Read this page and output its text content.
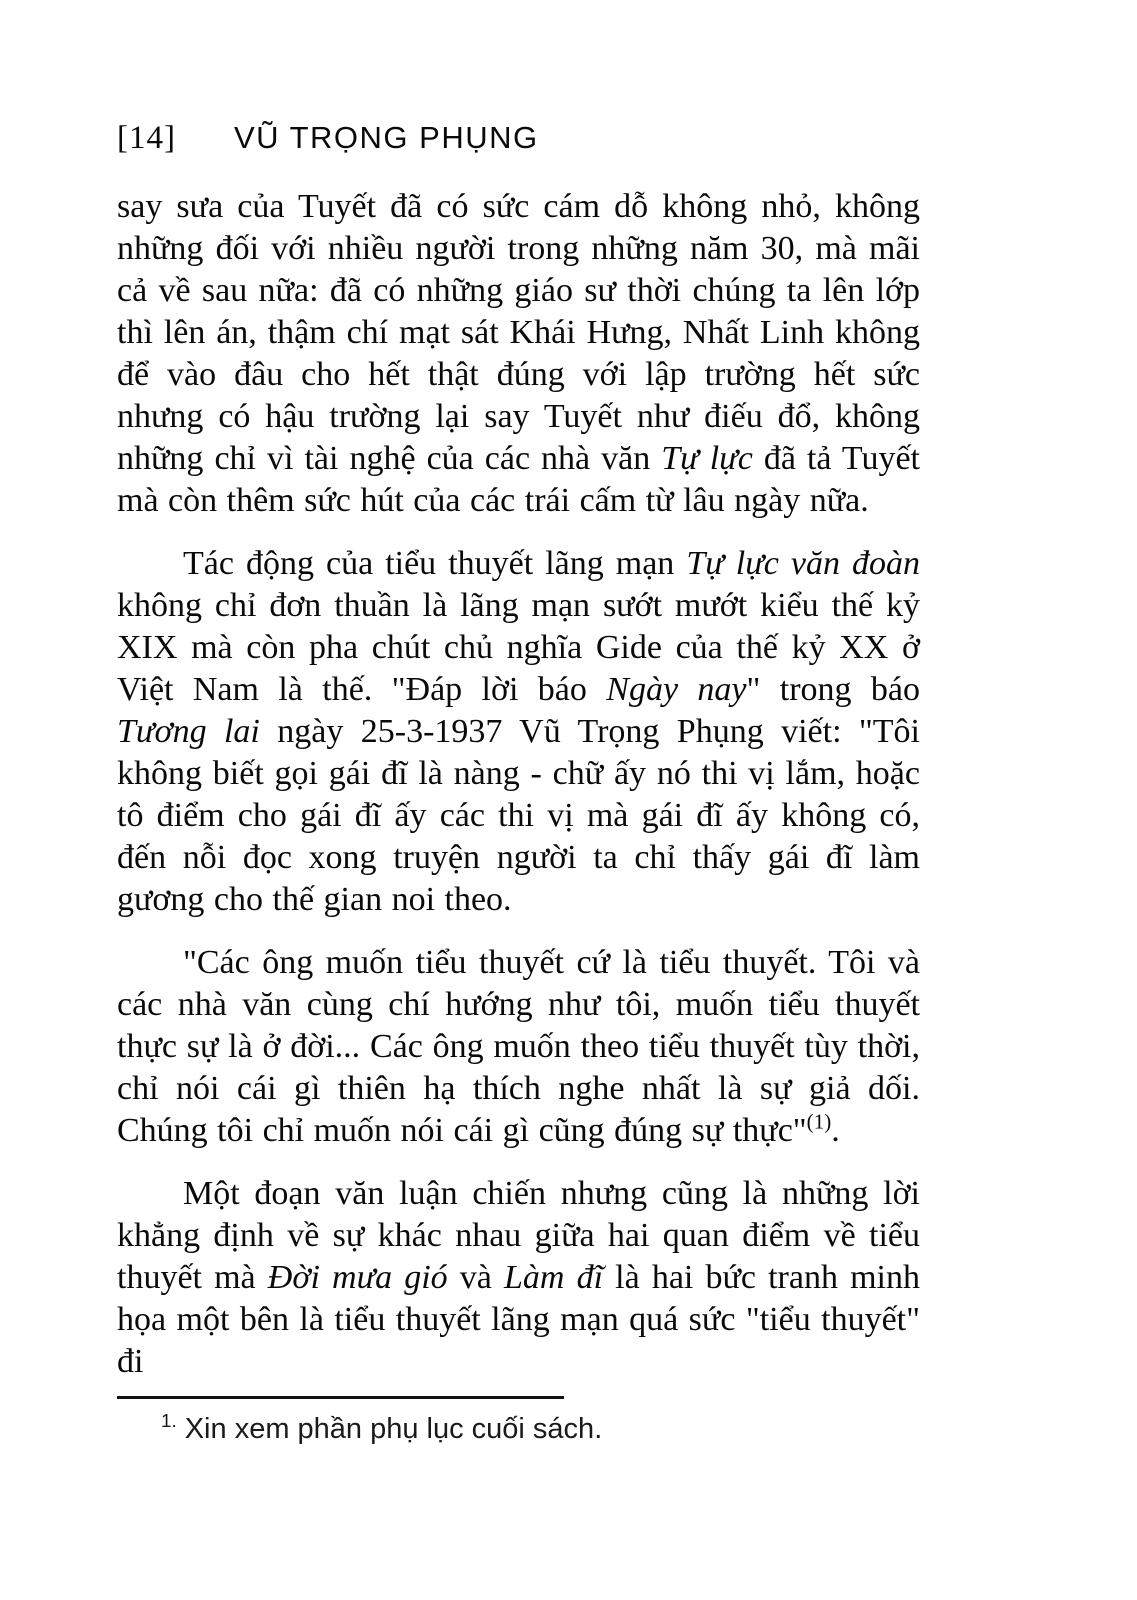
[14] VŨ TRỌNG PHỤNG

say sưa của Tuyết đã có sức cám dỗ không nhỏ, không những đối với nhiều người trong những năm 30, mà mãi cả về sau nữa: đã có những giáo sư thời chúng ta lên lớp thì lên án, thậm chí mạt sát Khái Hưng, Nhất Linh không để vào đâu cho hết thật đúng với lập trường hết sức nhưng có hậu trường lại say Tuyết như điếu đổ, không những chỉ vì tài nghệ của các nhà văn Tự lực đã tả Tuyết mà còn thêm sức hút của các trái cấm từ lâu ngày nữa.

Tác động của tiểu thuyết lãng mạn Tự lực văn đoàn không chỉ đơn thuần là lãng mạn sướt mướt kiểu thế kỷ XIX mà còn pha chút chủ nghĩa Gide của thế kỷ XX ở Việt Nam là thế. "Đáp lời báo Ngày nay" trong báo Tương lai ngày 25-3-1937 Vũ Trọng Phụng viết: "Tôi không biết gọi gái đĩ là nàng - chữ ấy nó thi vị lắm, hoặc tô điểm cho gái đĩ ấy các thi vị mà gái đĩ ấy không có, đến nỗi đọc xong truyện người ta chỉ thấy gái đĩ làm gương cho thế gian noi theo.

"Các ông muốn tiểu thuyết cứ là tiểu thuyết. Tôi và các nhà văn cùng chí hướng như tôi, muốn tiểu thuyết thực sự là ở đời... Các ông muốn theo tiểu thuyết tùy thời, chỉ nói cái gì thiên hạ thích nghe nhất là sự giả dối. Chúng tôi chỉ muốn nói cái gì cũng đúng sự thực"$^{(1)}$.

Một đoạn văn luận chiến nhưng cũng là những lời khẳng định về sự khác nhau giữa hai quan điểm về tiểu thuyết mà Đời mưa gió và Làm đĩ là hai bức tranh minh họa một bên là tiểu thuyết lãng mạn quá sức "tiểu thuyết" đi

$^{1.}$ Xin xem phần phụ lục cuối sách.
